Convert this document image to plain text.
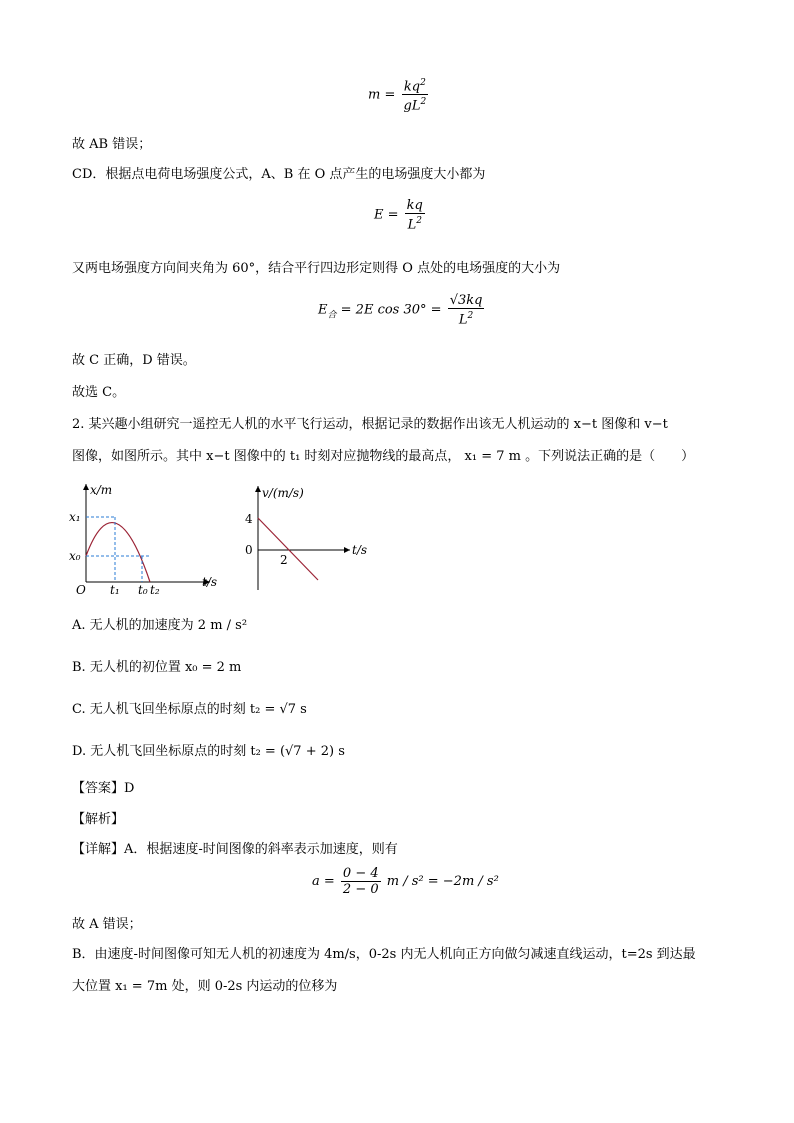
$m = \frac{kq^2}{gL^2}$
故 AB 错误；
CD．根据点电荷电场强度公式，A、B 在 O 点产生的电场强度大小都为
$E = \frac{kq}{L^2}$
又两电场强度方向间夹角为 60°，结合平行四边形定则得 O 点处的电场强度的大小为
$E_合 = 2E$ $\cos 30^\circ = \frac{√3kq}{L^2}$
故 C 正确，D 错误。
故选 C。
2. 某兴趣小组研究一遥控无人机的水平飞行运动，根据记录的数据作出该无人机运动的 x−t 图像和 v−t
图像，如图所示。其中 x−t 图像中的 t₁ 时刻对应抛物线的最高点， x₁ = 7 m 。下列说法正确的是（　　）
x/m
x₁
x₀
O t₁ t₀ t₂
t/s
v/(m/s)
4
0
2
t/s
A. 无人机的加速度为 2 m / s²
B. 无人机的初位置 x₀ = 2 m
C. 无人机飞回坐标原点的时刻 t₂ = √7 s
D. 无人机飞回坐标原点的时刻 t₂ = (√7 + 2) s
【答案】D
【解析】
【详解】A．根据速度-时间图像的斜率表示加速度，则有
$a = \frac{0 - 4}{2 - 0}$ m / s² = −2m / s²
故 A 错误；
B．由速度-时间图像可知无人机的初速度为 4m/s，0-2s 内无人机向正方向做匀减速直线运动，t=2s 到达最
大位置 x₁ = 7m 处，则 0-2s 内运动的位移为
